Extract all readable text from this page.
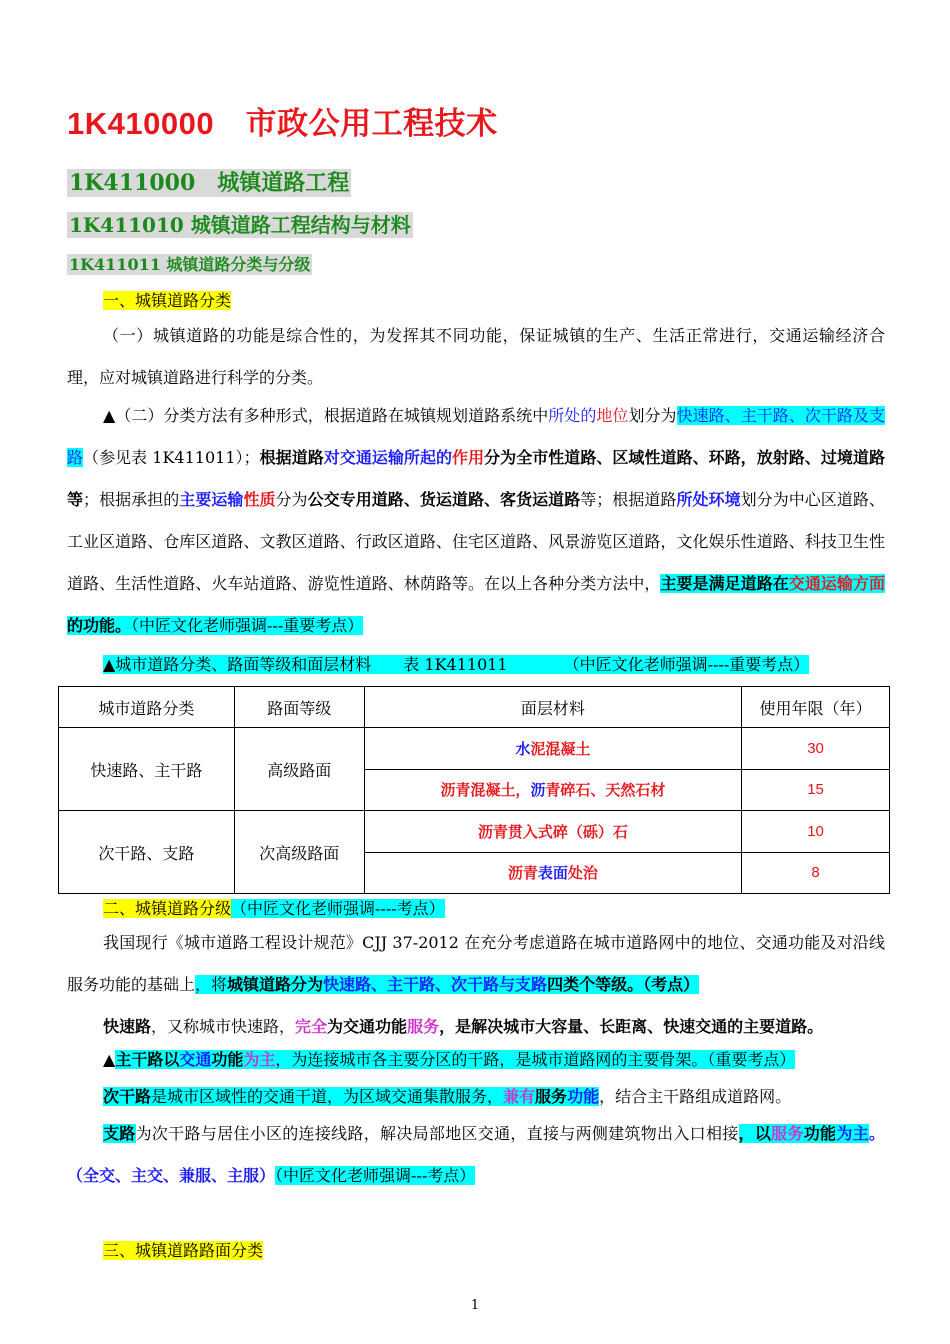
1K410000　市政公用工程技术
1K411000　城镇道路工程
1K411010 城镇道路工程结构与材料
1K411011 城镇道路分类与分级
一、城镇道路分类
（一）城镇道路的功能是综合性的，为发挥其不同功能，保证城镇的生产、生活正常进行，交通运输经济合理，应对城镇道路进行科学的分类。
▲（二）分类方法有多种形式，根据道路在城镇规划道路系统中所处的地位划分为快速路、主干路、次干路及支路（参见表 1K411011）；根据道路对交通运输所起的作用分为全市性道路、区域性道路、环路，放射路、过境道路等；根据承担的主要运输性质分为公交专用道路、货运道路、客货运道路等；根据道路所处环境划分为中心区道路、工业区道路、仓库区道路、文教区道路、行政区道路、住宅区道路、风景游览区道路，文化娱乐性道路、科技卫生性道路、生活性道路、火车站道路、游览性道路、林荫路等。在以上各种分类方法中，主要是满足道路在交通运输方面的功能。（中匠文化老师强调---重要考点）
▲城市道路分类、路面等级和面层材料　　表 1K411011　　　　（中匠文化老师强调----重要考点）
城市道路分类	路面等级	面层材料	使用年限（年）
快速路、主干路	高级路面	水泥混凝土	30
		沥青混凝土，沥青碎石、天然石材	15
次干路、支路	次高级路面	沥青贯入式碎（砾）石	10
		沥青表面处治	8
二、城镇道路分级（中匠文化老师强调----考点）
我国现行《城市道路工程设计规范》CJJ 37-2012 在充分考虑道路在城市道路网中的地位、交通功能及对沿线服务功能的基础上，将城镇道路分为快速路、主干路、次干路与支路四类个等级。（考点）
快速路，又称城市快速路，完全为交通功能服务，是解决城市大容量、长距离、快速交通的主要道路。
▲主干路以交通功能为主，为连接城市各主要分区的干路，是城市道路网的主要骨架。（重要考点）
次干路是城市区域性的交通干道，为区域交通集散服务，兼有服务功能，结合主干路组成道路网。
支路为次干路与居住小区的连接线路，解决局部地区交通，直接与两侧建筑物出入口相接，以服务功能为主。（全交、主交、兼服、主服）（中匠文化老师强调---考点）
三、城镇道路路面分类
1
